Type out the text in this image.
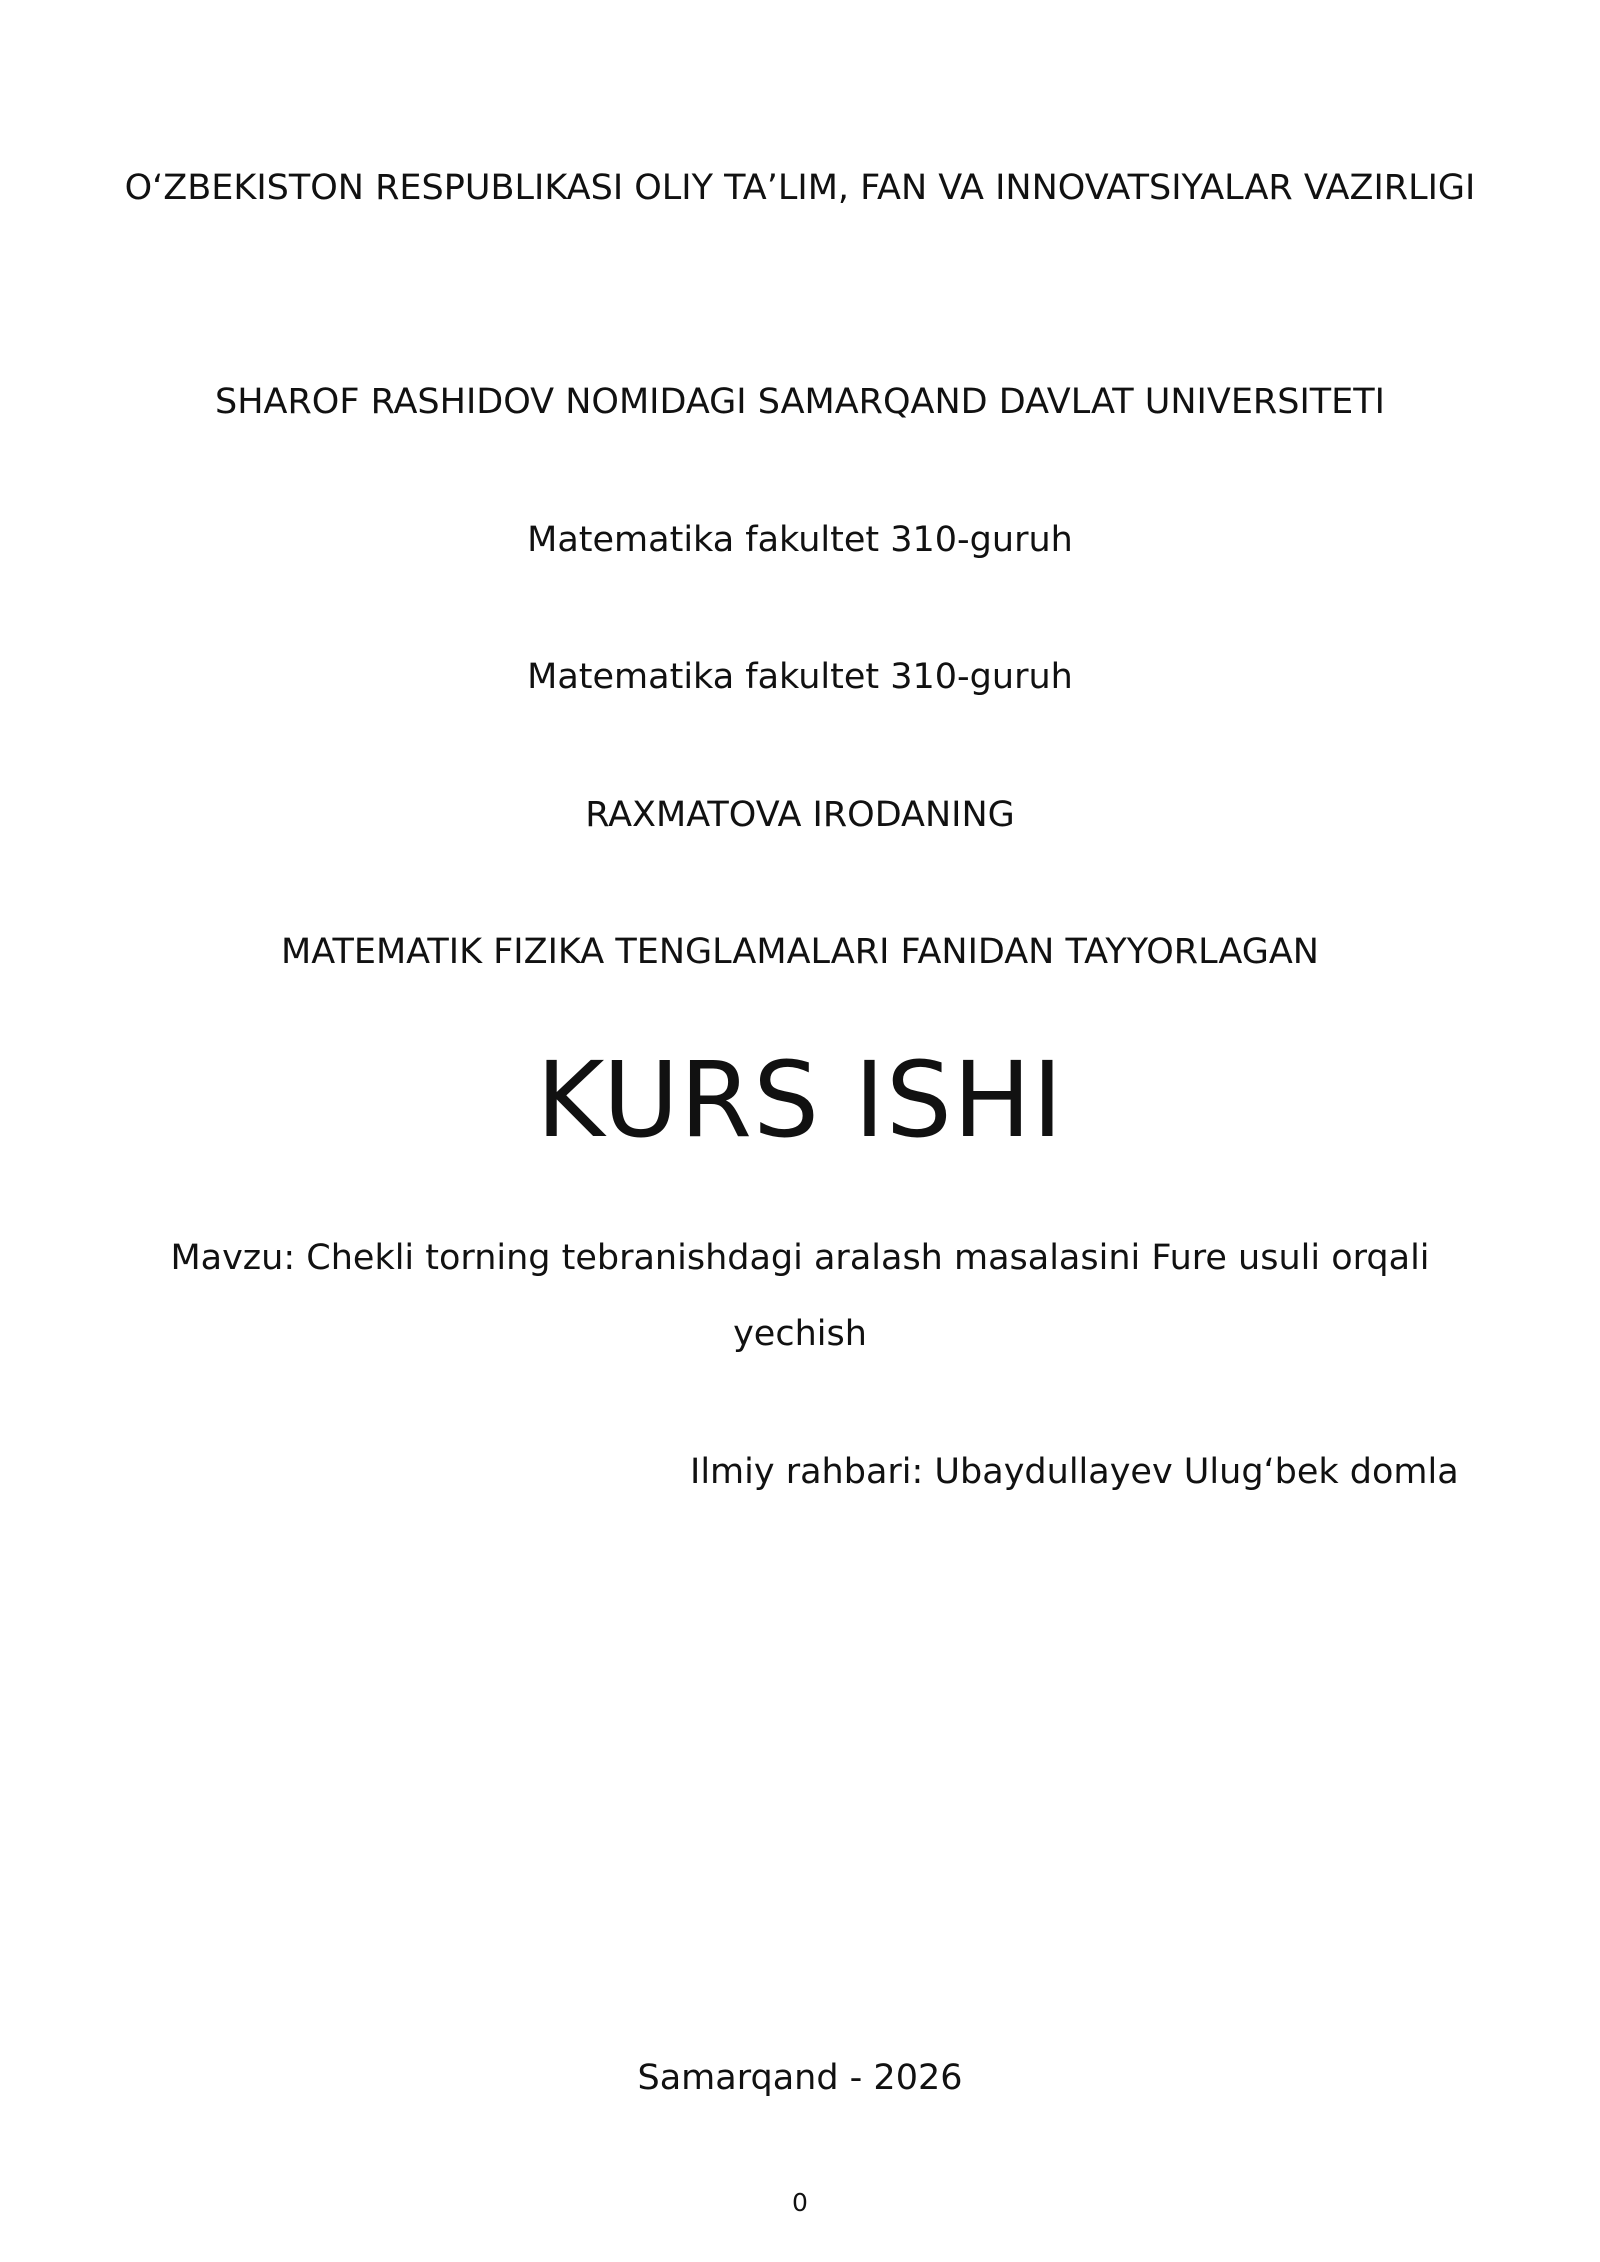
O‘ZBEKISTON RESPUBLIKASI OLIY TA’LIM, FAN VA INNOVATSIYALAR VAZIRLIGI

SHAROF RASHIDOV NOMIDAGI SAMARQAND DAVLAT UNIVERSITETI

Matematika fakultet 310-guruh

Matematika fakultet 310-guruh

RAXMATOVA IRODANING

MATEMATIK FIZIKA TENGLAMALARI FANIDAN TAYYORLAGAN

KURS ISHI

Mavzu: Chekli torning tebranishdagi aralash masalasini Fure usuli orqali yechish

Ilmiy rahbari: Ubaydullayev Ulug‘bek domla

Samarqand - 2026

0
